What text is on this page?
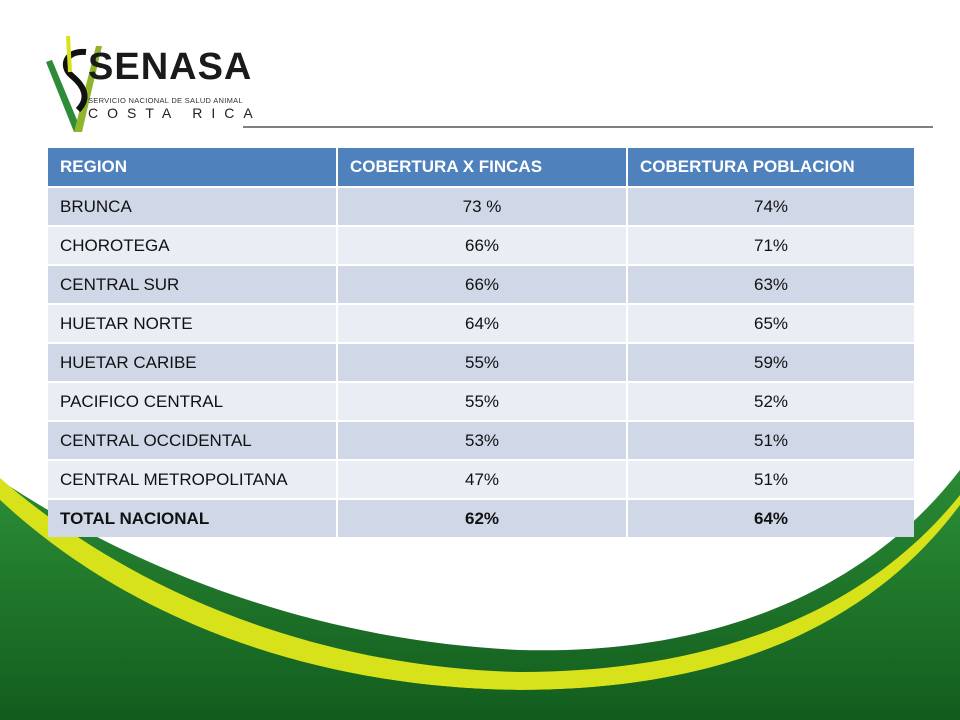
SENASA
SERVICIO NACIONAL DE SALUD ANIMAL
COSTA RICA
REGION	COBERTURA X FINCAS	COBERTURA POBLACION
BRUNCA	73 %	74%
CHOROTEGA	66%	71%
CENTRAL SUR	66%	63%
HUETAR NORTE	64%	65%
HUETAR CARIBE	55%	59%
PACIFICO CENTRAL	55%	52%
CENTRAL OCCIDENTAL	53%	51%
CENTRAL METROPOLITANA	47%	51%
TOTAL NACIONAL	62%	64%
